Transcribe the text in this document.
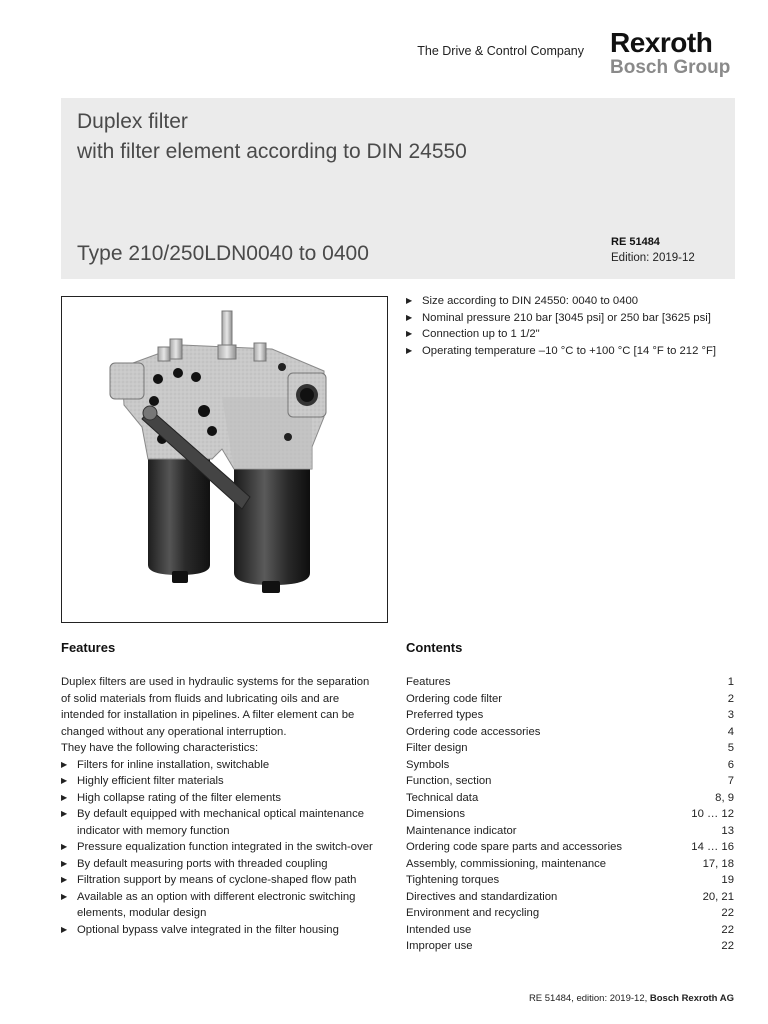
The Drive & Control Company Rexroth
Bosch Group
Duplex filter
with filter element according to DIN 24550
Type 210/250LDN0040 to 0400	RE 51484
Edition: 2019-12
▶ Size according to DIN 24550: 0040 to 0400
▶ Nominal pressure 210 bar [3045 psi] or 250 bar [3625 psi]
▶ Connection up to 1 1/2"
▶ Operating temperature –10 °C to +100 °C [14 °F to 212 °F]
Features	Contents

Duplex filters are used in hydraulic systems for the separation of solid materials from fluids and lubricating oils and are intended for installation in pipelines. A filter element can be changed without any operational interruption.

They have the following characteristics:

▶ Filters for inline installation, switchable
▶ Highly efficient filter materials
▶ High collapse rating of the filter elements
▶ By default equipped with mechanical optical maintenance indicator with memory function
▶ Pressure equalization function integrated in the switch-over
▶ By default measuring ports with threaded coupling
▶ Filtration support by means of cyclone-shaped flow path
▶ Available as an option with different electronic switching elements, modular design
▶ Optional bypass valve integrated in the filter housing
Features	1
Ordering code filter	2
Preferred types	3
Ordering code accessories	4
Filter design	5
Symbols	6
Function, section	7
Technical data	8, 9
Dimensions	10 … 12
Maintenance indicator	13
Ordering code spare parts and accessories	14 … 16
Assembly, commissioning, maintenance	17, 18
Tightening torques	19
Directives and standardization	20, 21
Environment and recycling	22
Intended use	22
Improper use	22
RE 51484, edition: 2019-12, Bosch Rexroth AG
